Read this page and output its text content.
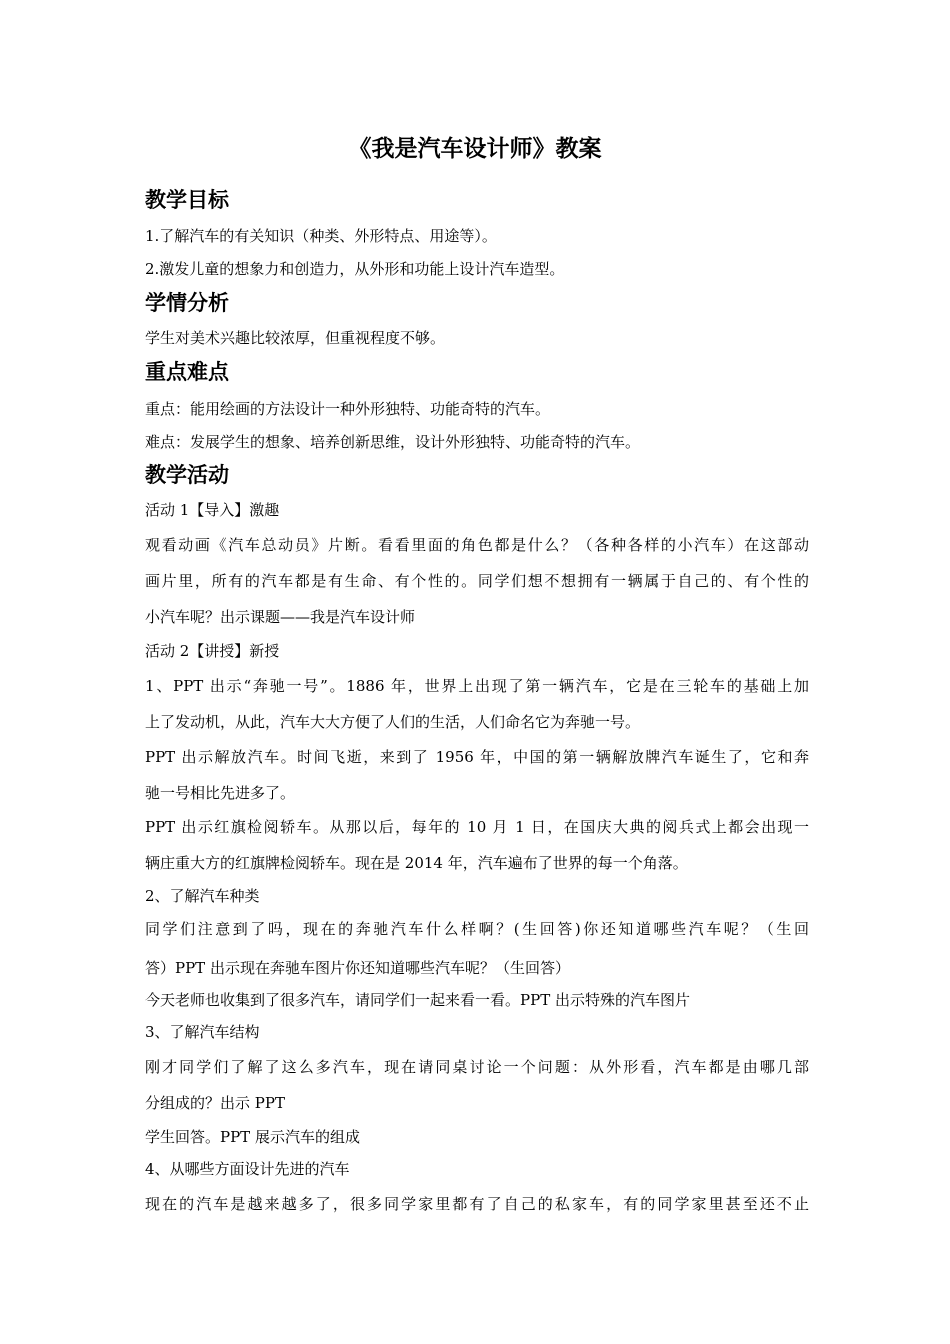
《我是汽车设计师》教案
教学目标
1.了解汽车的有关知识（种类、外形特点、用途等）。
2.激发儿童的想象力和创造力，从外形和功能上设计汽车造型。
学情分析
学生对美术兴趣比较浓厚，但重视程度不够。
重点难点
重点：能用绘画的方法设计一种外形独特、功能奇特的汽车。
难点：发展学生的想象、培养创新思维，设计外形独特、功能奇特的汽车。
教学活动
活动 1【导入】激趣
观看动画《汽车总动员》片断。看看里面的角色都是什么？（各种各样的小汽车）在这部动
画片里，所有的汽车都是有生命、有个性的。同学们想不想拥有一辆属于自己的、有个性的
小汽车呢？出示课题——我是汽车设计师
活动 2【讲授】新授
1、PPT 出示“奔驰一号”。1886 年，世界上出现了第一辆汽车，它是在三轮车的基础上加
上了发动机，从此，汽车大大方便了人们的生活，人们命名它为奔驰一号。
PPT 出示解放汽车。时间飞逝，来到了 1956 年，中国的第一辆解放牌汽车诞生了，它和奔
驰一号相比先进多了。
PPT 出示红旗检阅轿车。从那以后，每年的 10 月 1 日，在国庆大典的阅兵式上都会出现一
辆庄重大方的红旗牌检阅轿车。现在是 2014 年，汽车遍布了世界的每一个角落。
2、了解汽车种类
同学们注意到了吗，现在的奔驰汽车什么样啊？(生回答)你还知道哪些汽车呢？（生回
答）PPT 出示现在奔驰车图片你还知道哪些汽车呢？（生回答）
今天老师也收集到了很多汽车，请同学们一起来看一看。PPT 出示特殊的汽车图片
3、了解汽车结构
刚才同学们了解了这么多汽车，现在请同桌讨论一个问题：从外形看，汽车都是由哪几部
分组成的？出示 PPT
学生回答。PPT 展示汽车的组成
4、从哪些方面设计先进的汽车
现在的汽车是越来越多了，很多同学家里都有了自己的私家车，有的同学家里甚至还不止
